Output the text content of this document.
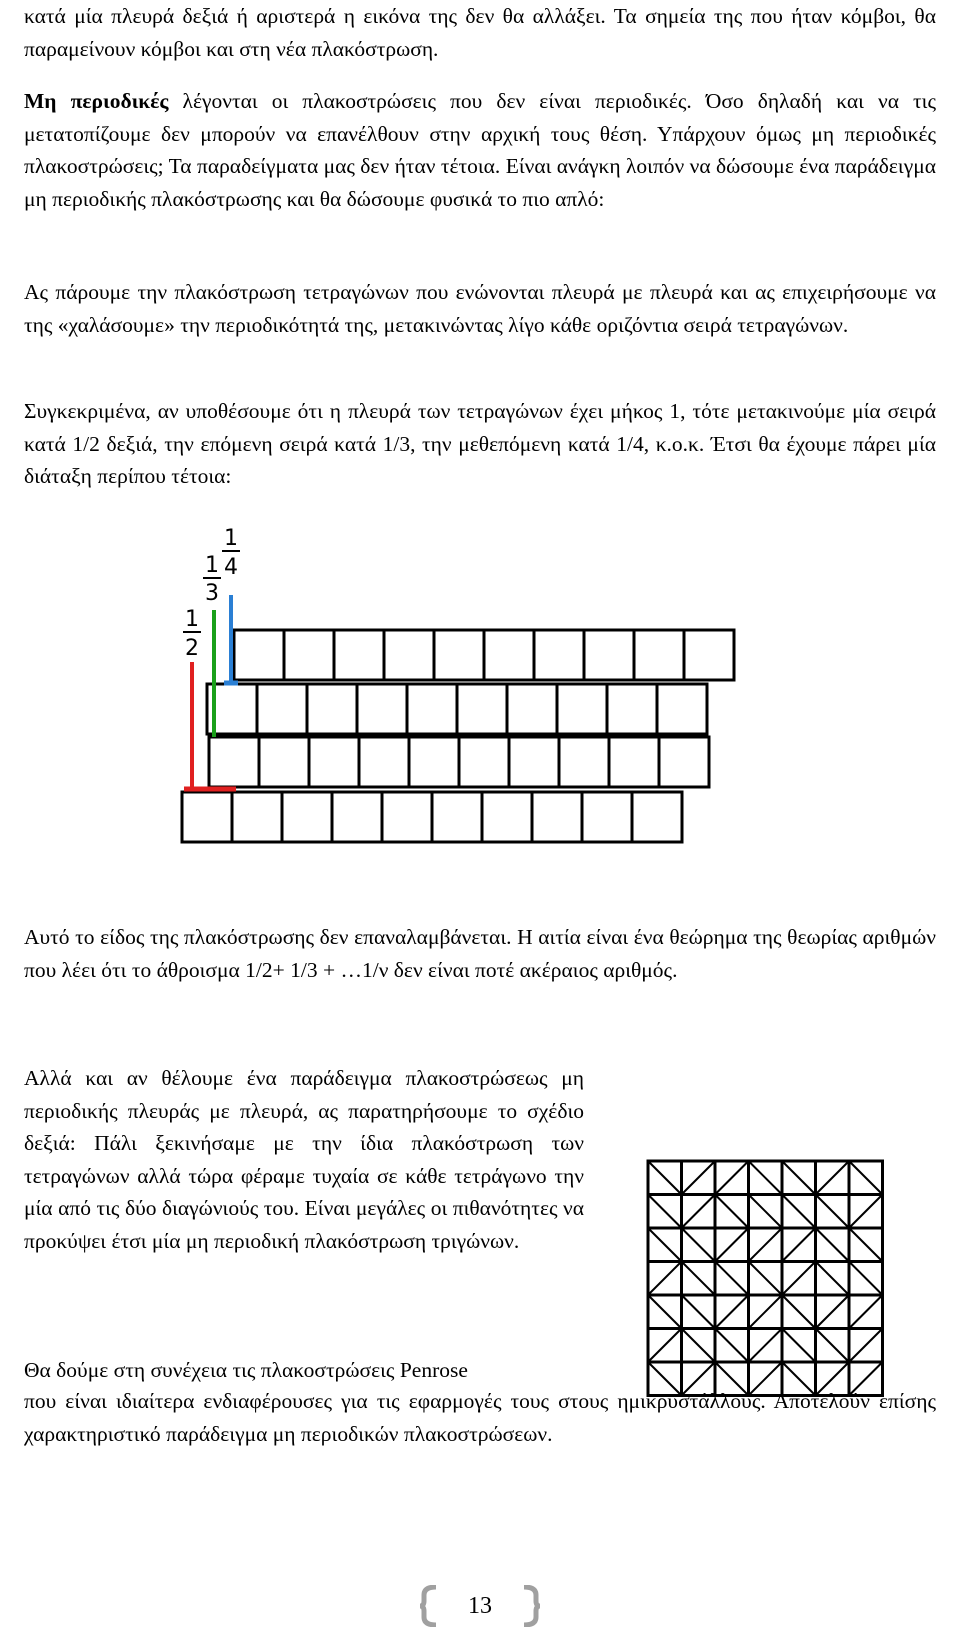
κατά μία πλευρά δεξιά ή αριστερά η εικόνα της δεν θα αλλάξει. Τα σημεία της που ήταν κόμβοι, θα παραμείνουν κόμβοι και στη νέα πλακόστρωση.

Μη περιοδικές λέγονται οι πλακοστρώσεις που δεν είναι περιοδικές. Όσο δηλαδή και να τις μετατοπίζουμε δεν μπορούν να επανέλθουν στην αρχική τους θέση. Υπάρχουν όμως μη περιοδικές πλακοστρώσεις; Τα παραδείγματα μας δεν ήταν τέτοια. Είναι ανάγκη λοιπόν να δώσουμε ένα παράδειγμα μη περιοδικής πλακόστρωσης και θα δώσουμε φυσικά το πιο απλό:

Ας πάρουμε την πλακόστρωση τετραγώνων που ενώνονται πλευρά με πλευρά και ας επιχειρήσουμε να της «χαλάσουμε» την περιοδικότητά της, μετακινώντας λίγο κάθε οριζόντια σειρά τετραγώνων.

Συγκεκριμένα, αν υποθέσουμε ότι η πλευρά των τετραγώνων έχει μήκος 1, τότε μετακινούμε μία σειρά κατά 1/2 δεξιά, την επόμενη σειρά κατά 1/3, την μεθεπόμενη κατά 1/4, κ.ο.κ. Έτσι θα έχουμε πάρει μία διάταξη περίπου τέτοια:

1
2
1
3
1
4

Αυτό το είδος της πλακόστρωσης δεν επαναλαμβάνεται. Η αιτία είναι ένα θεώρημα της θεωρίας αριθμών που λέει ότι το άθροισμα 1/2+ 1/3 + …1/ν δεν είναι ποτέ ακέραιος αριθμός.

Αλλά και αν θέλουμε ένα παράδειγμα πλακοστρώσεως μη περιοδικής πλευράς με πλευρά, ας παρατηρήσουμε το σχέδιο δεξιά: Πάλι ξεκινήσαμε με την ίδια πλακόστρωση των τετραγώνων αλλά τώρα φέραμε τυχαία σε κάθε τετράγωνο την μία από τις δύο διαγώνιούς του. Είναι μεγάλες οι πιθανότητες να προκύψει έτσι μία μη περιοδική πλακόστρωση τριγώνων.

Θα δούμε στη συνέχεια τις πλακοστρώσεις Penrose

που είναι ιδιαίτερα ενδιαφέρουσες για τις εφαρμογές τους στους ημικρυστάλλους. Αποτελούν επίσης χαρακτηριστικό παράδειγμα μη περιοδικών πλακοστρώσεων.

13
